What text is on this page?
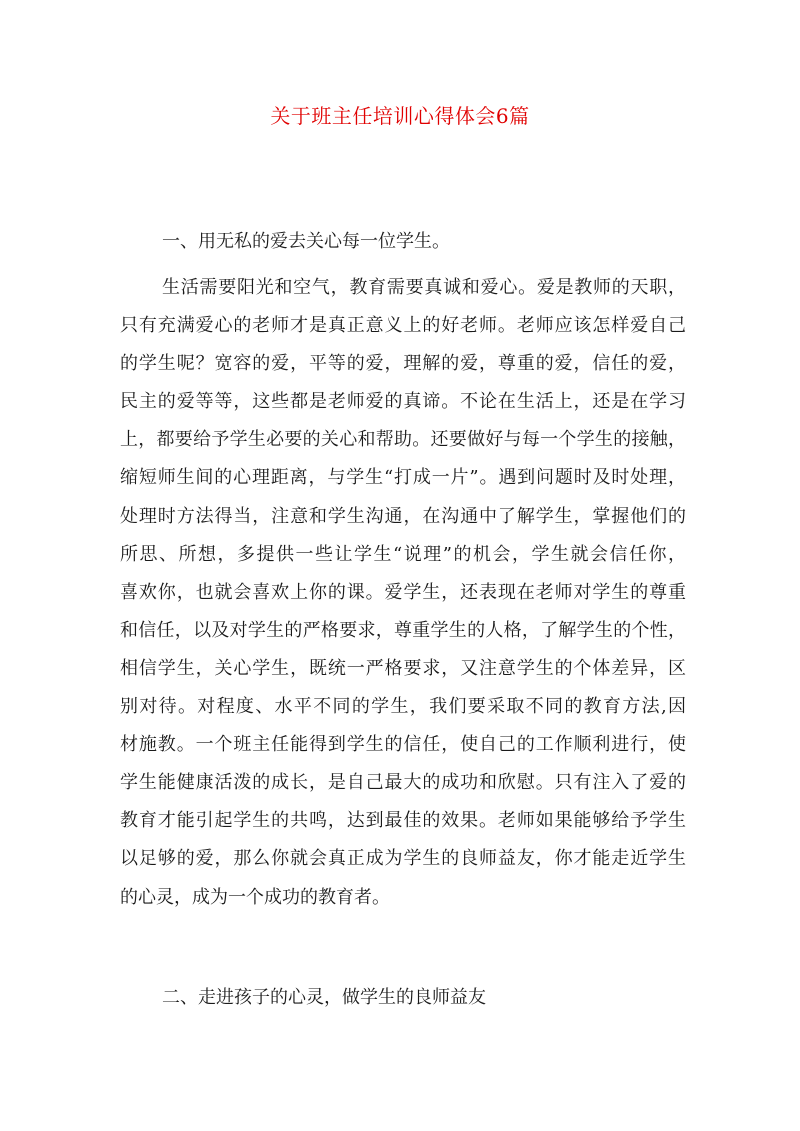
关于班主任培训心得体会6篇
一、用无私的爱去关心每一位学生。
生活需要阳光和空气，教育需要真诚和爱心。爱是教师的天职，
只有充满爱心的老师才是真正意义上的好老师。老师应该怎样爱自己
的学生呢？宽容的爱，平等的爱，理解的爱，尊重的爱，信任的爱，
民主的爱等等，这些都是老师爱的真谛。不论在生活上，还是在学习
上，都要给予学生必要的关心和帮助。还要做好与每一个学生的接触，
缩短师生间的心理距离，与学生“打成一片”。遇到问题时及时处理，
处理时方法得当，注意和学生沟通，在沟通中了解学生，掌握他们的
所思、所想，多提供一些让学生“说理”的机会，学生就会信任你，
喜欢你，也就会喜欢上你的课。爱学生，还表现在老师对学生的尊重
和信任，以及对学生的严格要求，尊重学生的人格，了解学生的个性，
相信学生，关心学生，既统一严格要求，又注意学生的个体差异，区
别对待。对程度、水平不同的学生，我们要采取不同的教育方法,因
材施教。一个班主任能得到学生的信任，使自己的工作顺利进行，使
学生能健康活泼的成长，是自己最大的成功和欣慰。只有注入了爱的
教育才能引起学生的共鸣，达到最佳的效果。老师如果能够给予学生
以足够的爱，那么你就会真正成为学生的良师益友，你才能走近学生
的心灵，成为一个成功的教育者。
二、走进孩子的心灵，做学生的良师益友
